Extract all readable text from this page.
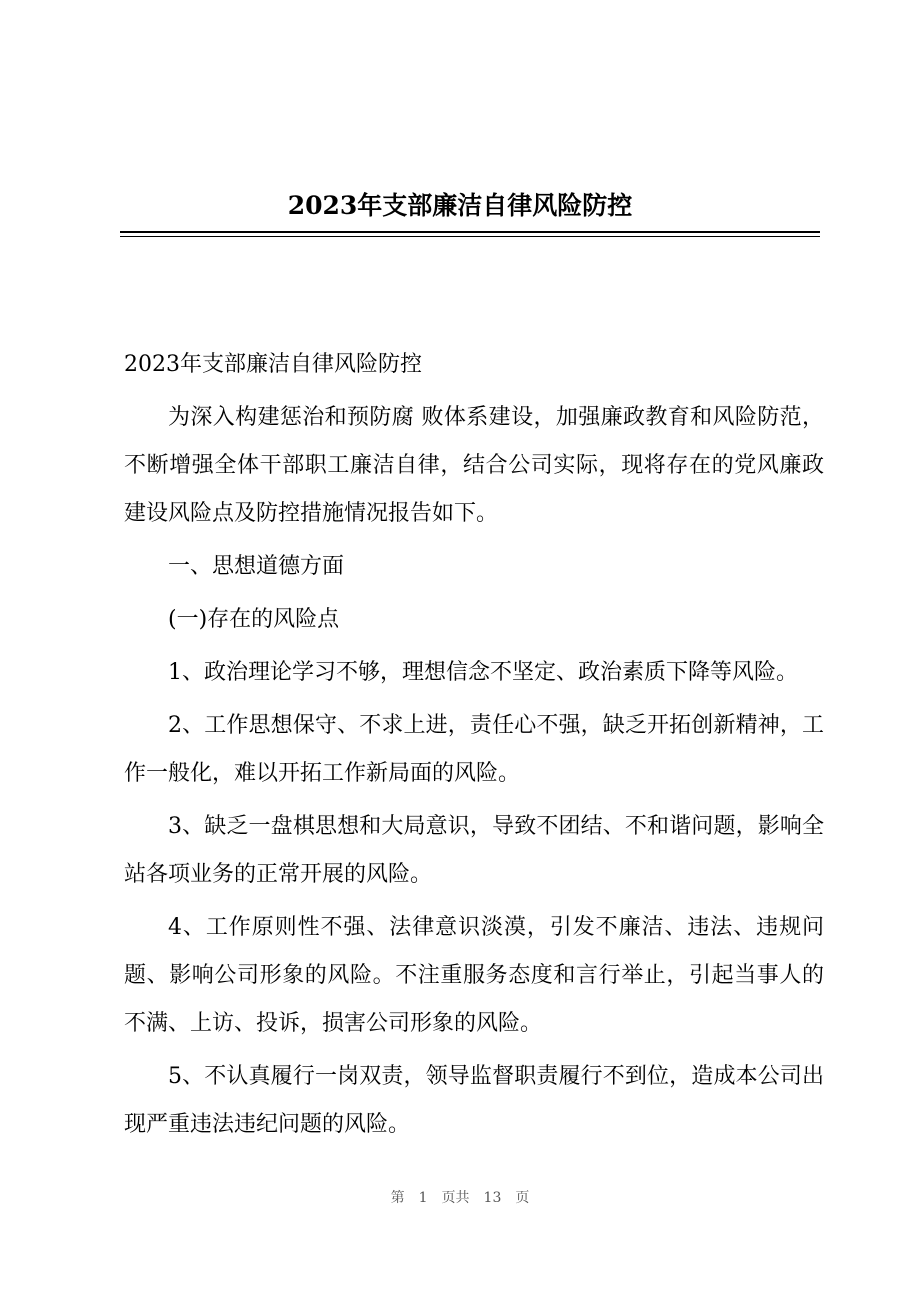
2023年支部廉洁自律风险防控

2023年支部廉洁自律风险防控

为深入构建惩治和预防腐 败体系建设，加强廉政教育和风险防范，不断增强全体干部职工廉洁自律，结合公司实际，现将存在的党风廉政建设风险点及防控措施情况报告如下。

一、思想道德方面

(一)存在的风险点

1、政治理论学习不够，理想信念不坚定、政治素质下降等风险。

2、工作思想保守、不求上进，责任心不强，缺乏开拓创新精神，工作一般化，难以开拓工作新局面的风险。

3、缺乏一盘棋思想和大局意识，导致不团结、不和谐问题，影响全站各项业务的正常开展的风险。

4、工作原则性不强、法律意识淡漠，引发不廉洁、违法、违规问题、影响公司形象的风险。不注重服务态度和言行举止，引起当事人的不满、上访、投诉，损害公司形象的风险。

5、不认真履行一岗双责，领导监督职责履行不到位，造成本公司出现严重违法违纪问题的风险。

第 1 页共 13 页
